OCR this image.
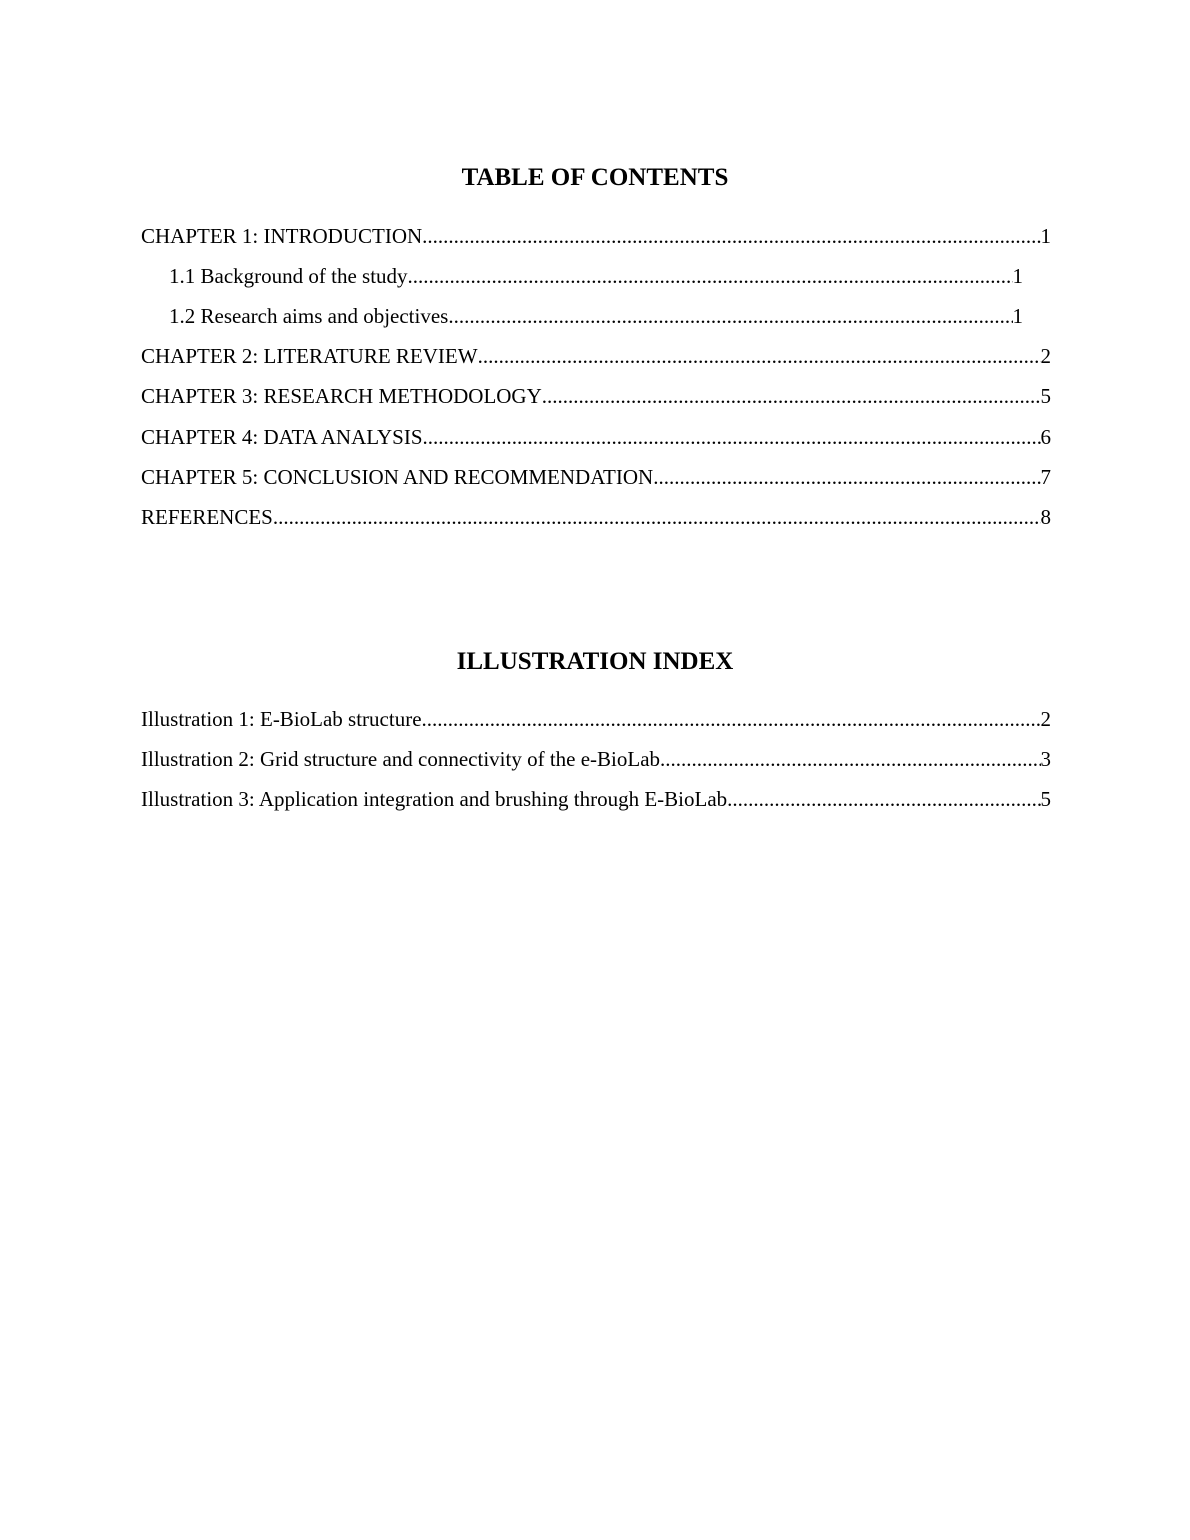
TABLE OF CONTENTS
CHAPTER 1: INTRODUCTION .....	1
1.1 Background of the study .....	1
1.2 Research aims and objectives .....	1
CHAPTER 2: LITERATURE REVIEW .....	2
CHAPTER 3: RESEARCH METHODOLOGY .....	5
CHAPTER 4: DATA ANALYSIS .....	6
CHAPTER 5: CONCLUSION AND RECOMMENDATION .....	7
REFERENCES .....	8
ILLUSTRATION INDEX
Illustration 1: E-BioLab structure .....	2
Illustration 2: Grid structure and connectivity of the e-BioLab .....	3
Illustration 3: Application integration and brushing through E-BioLab .....	5
